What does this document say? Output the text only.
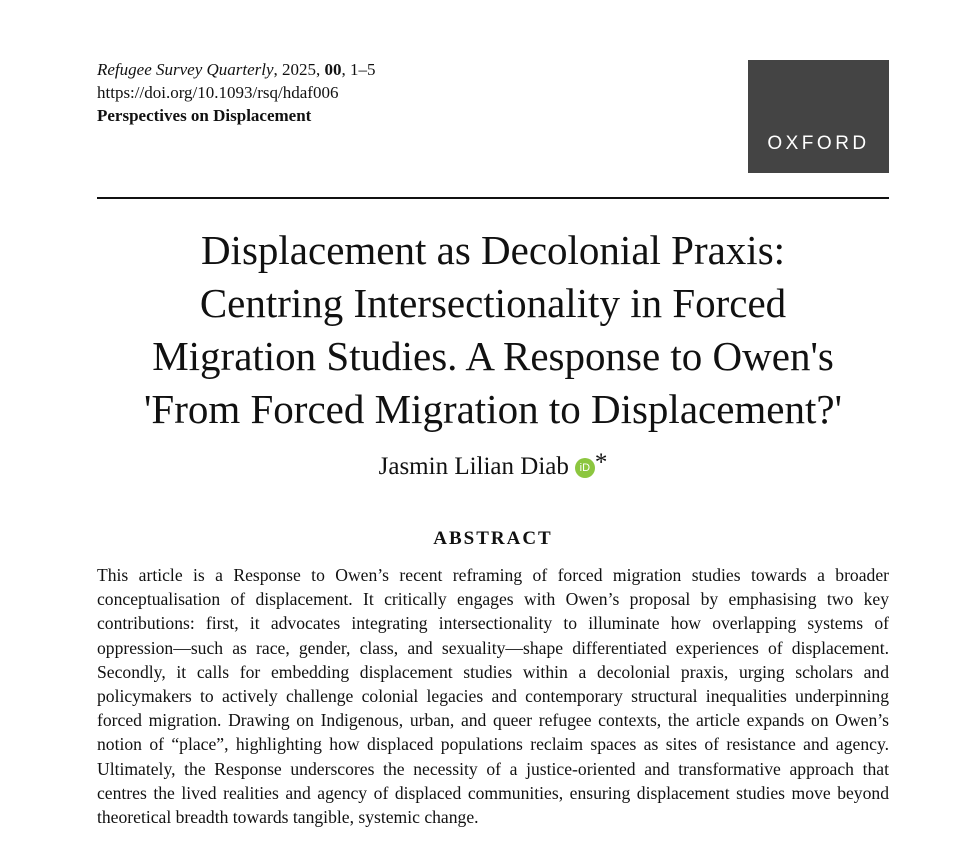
Refugee Survey Quarterly, 2025, 00, 1–5
https://doi.org/10.1093/rsq/hdaf006
Perspectives on Displacement
OXFORD
Displacement as Decolonial Praxis:
Centring Intersectionality in Forced
Migration Studies. A Response to Owen's
'From Forced Migration to Displacement?'
Jasmin Lilian Diab iD *
ABSTRACT

This article is a Response to Owen’s recent reframing of forced migration studies towards a broader conceptualisation of displacement. It critically engages with Owen’s proposal by emphasising two key contributions: first, it advocates integrating intersectionality to illuminate how overlapping systems of oppression—such as race, gender, class, and sexuality—shape differentiated experiences of displacement. Secondly, it calls for embedding displacement studies within a decolonial praxis, urging scholars and policymakers to actively challenge colonial legacies and contemporary structural inequalities underpinning forced migration. Drawing on Indigenous, urban, and queer refugee contexts, the article expands on Owen’s notion of “place”, highlighting how displaced populations reclaim spaces as sites of resistance and agency. Ultimately, the Response underscores the necessity of a justice-oriented and transformative approach that centres the lived realities and agency of displaced communities, ensuring displacement studies move beyond theoretical breadth towards tangible, systemic change.
